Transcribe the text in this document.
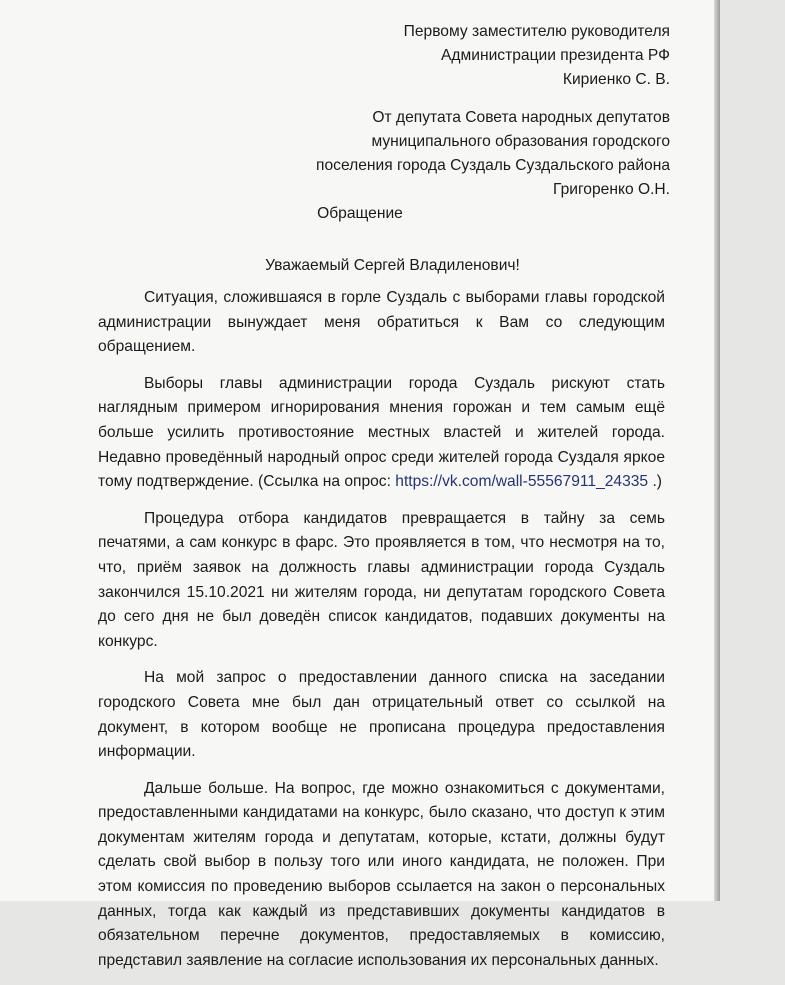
Первому заместителю руководителя
Администрации президента РФ
Кириенко С. В.
От депутата Совета народных депутатов
муниципального образования городского
поселения города Суздаль Суздальского района
Григоренко О.Н.
Обращение
Уважаемый Сергей Владиленович!

Ситуация, сложившаяся в горле Суздаль с выборами главы городской администрации вынуждает меня обратиться к Вам со следующим обращением.

Выборы главы администрации города Суздаль рискуют стать наглядным примером игнорирования мнения горожан и тем самым ещё больше усилить противостояние местных властей и жителей города. Недавно проведённый народный опрос среди жителей города Суздаля яркое тому подтверждение. (Ссылка на опрос: https://vk.com/wall-55567911_24335 .)

Процедура отбора кандидатов превращается в тайну за семь печатями, а сам конкурс в фарс. Это проявляется в том, что несмотря на то, что, приём заявок на должность главы администрации города Суздаль закончился 15.10.2021 ни жителям города, ни депутатам городского Совета до сего дня не был доведён список кандидатов, подавших документы на конкурс.

На мой запрос о предоставлении данного списка на заседании городского Совета мне был дан отрицательный ответ со ссылкой на документ, в котором вообще не прописана процедура предоставления информации.

Дальше больше. На вопрос, где можно ознакомиться с документами, предоставленными кандидатами на конкурс, было сказано, что доступ к этим документам жителям города и депутатам, которые, кстати, должны будут сделать свой выбор в пользу того или иного кандидата, не положен. При этом комиссия по проведению выборов ссылается на закон о персональных данных, тогда как каждый из представивших документы кандидатов в обязательном перечне документов, предоставляемых в комиссию, представил заявление на согласие использования их персональных данных.
